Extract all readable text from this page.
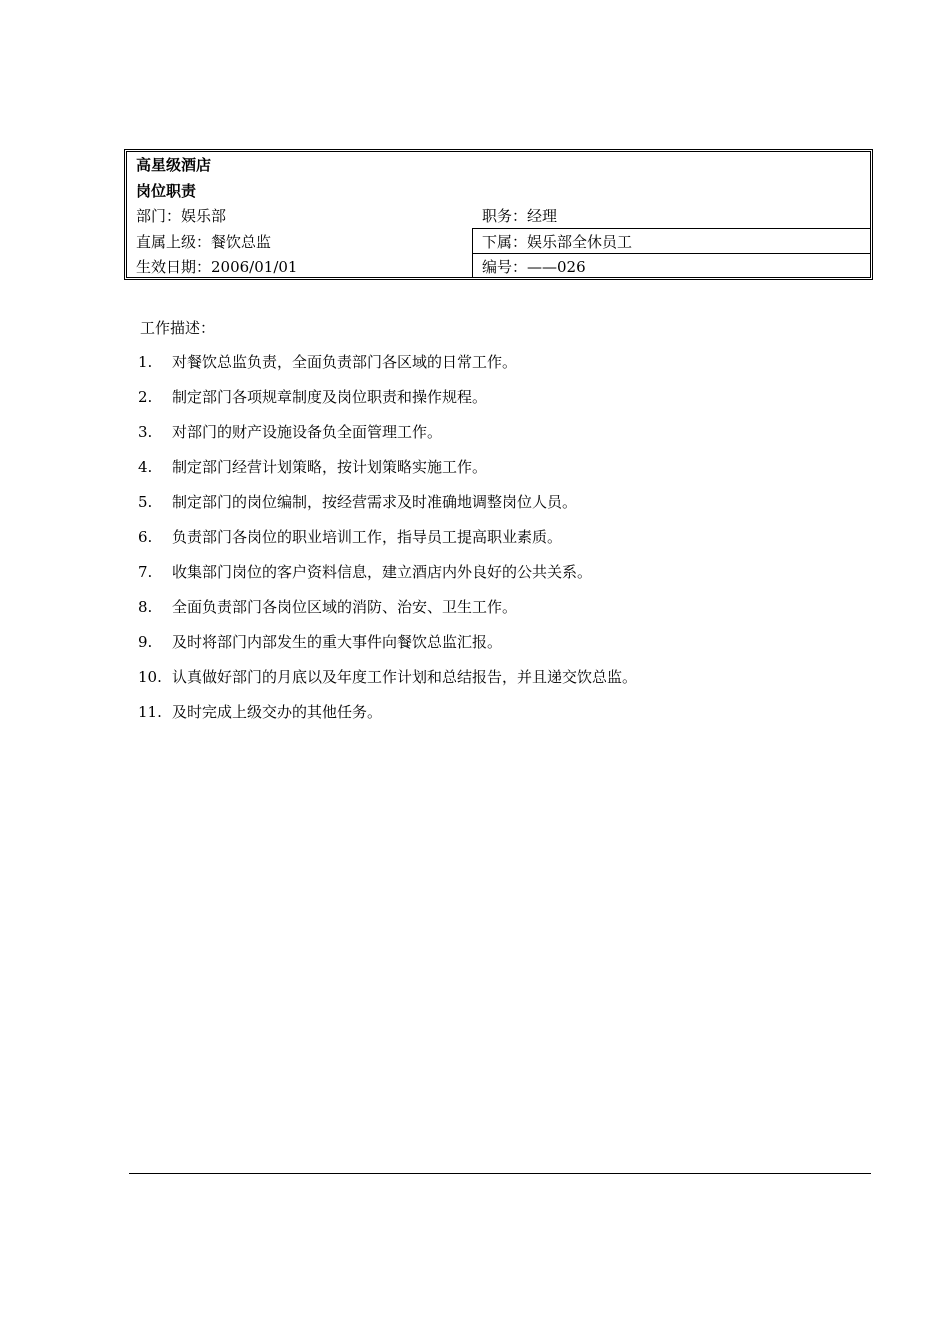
高星级酒店
岗位职责
部门：娱乐部	职务：经理
直属上级：餐饮总监	下属：娱乐部全休员工
生效日期：2006/01/01	编号：——026
工作描述：
1. 对餐饮总监负责，全面负责部门各区域的日常工作。
2. 制定部门各项规章制度及岗位职责和操作规程。
3. 对部门的财产设施设备负全面管理工作。
4. 制定部门经营计划策略，按计划策略实施工作。
5. 制定部门的岗位编制，按经营需求及时准确地调整岗位人员。
6. 负责部门各岗位的职业培训工作，指导员工提高职业素质。
7. 收集部门岗位的客户资料信息，建立酒店内外良好的公共关系。
8. 全面负责部门各岗位区域的消防、治安、卫生工作。
9. 及时将部门内部发生的重大事件向餐饮总监汇报。
10. 认真做好部门的月底以及年度工作计划和总结报告，并且递交饮总监。
11. 及时完成上级交办的其他任务。
